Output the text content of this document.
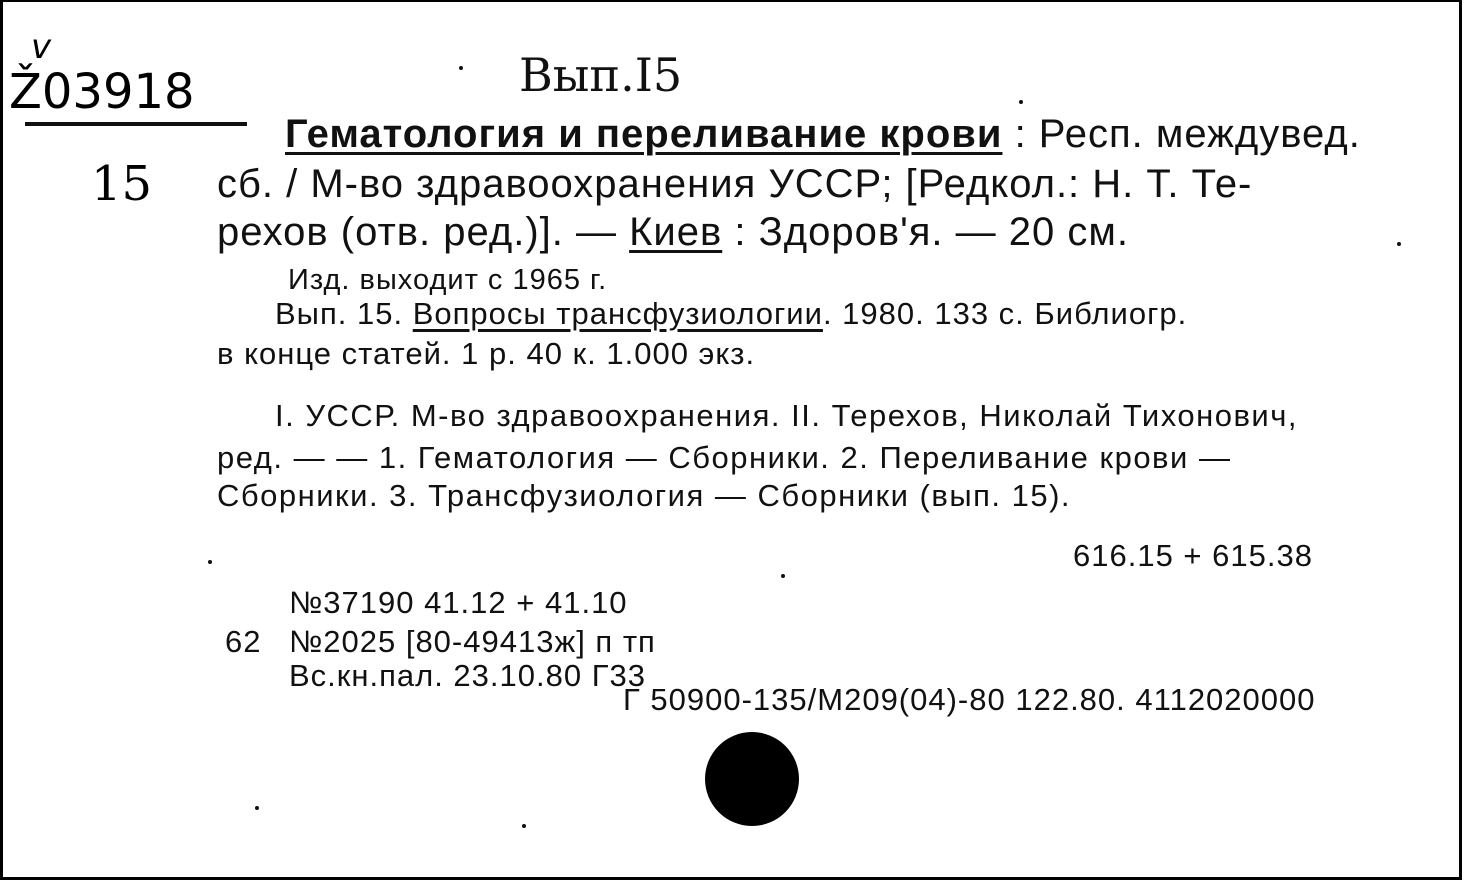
v
Ž03918
15
Вып.I5
Гематология и переливание крови : Респ. междувед.
сб. / М-во здравоохранения УССР; [Редкол.: Н. Т. Те-
рехов (отв. ред.)]. — Киев : Здоров'я. — 20 см.
Изд. выходит с 1965 г.
Вып. 15. Вопросы трансфузиологии. 1980. 133 с. Библиогр.
в конце статей. 1 р. 40 к. 1.000 экз.
I. УССР. М-во здравоохранения. II. Терехов, Николай Тихонович,
ред. — — 1. Гематология — Сборники. 2. Переливание крови —
Сборники. 3. Трансфузиология — Сборники (вып. 15).
616.15 + 615.38
№37190 41.12 + 41.10
62 №2025 [80-49413ж] п тп
Вс.кн.пал. 23.10.80 Г33
Г 50900-135/М209(04)-80 122.80. 4112020000
